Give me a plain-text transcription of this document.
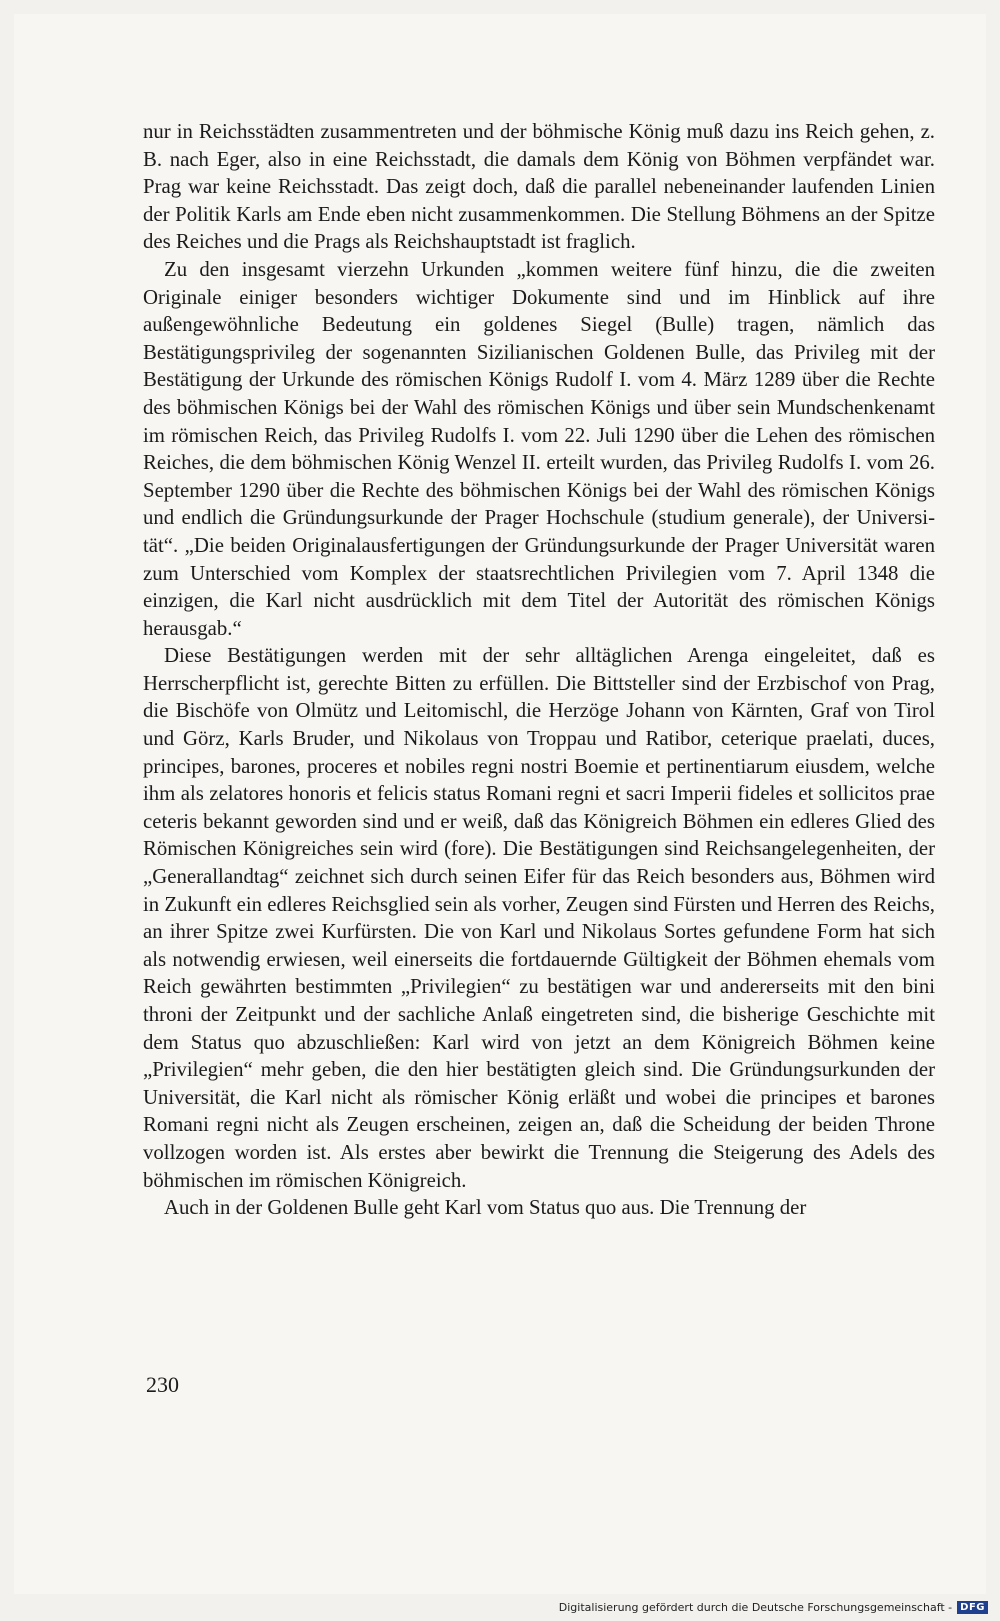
nur in Reichsstädten zusammentreten und der böhmische König muß dazu ins Reich gehen, z. B. nach Eger, also in eine Reichsstadt, die damals dem König von Böhmen verpfändet war. Prag war keine Reichsstadt. Das zeigt doch, daß die parallel nebeneinander laufenden Linien der Politik Karls am Ende eben nicht zusammenkommen. Die Stellung Böhmens an der Spitze des Reiches und die Prags als Reichshauptstadt ist fraglich.

Zu den insgesamt vierzehn Urkunden „kommen weitere fünf hinzu, die die zweiten Originale einiger besonders wichtiger Dokumente sind und im Hinblick auf ihre außengewöhnliche Bedeutung ein goldenes Siegel (Bulle) tragen, nämlich das Bestätigungsprivileg der sogenannten Sizilianischen Goldenen Bulle, das Privileg mit der Bestätigung der Urkunde des römischen Königs Rudolf I. vom 4. März 1289 über die Rechte des böhmischen Königs bei der Wahl des römischen Königs und über sein Mundschenkenamt im römischen Reich, das Privileg Rudolfs I. vom 22. Juli 1290 über die Lehen des römischen Reiches, die dem böhmischen König Wenzel II. erteilt wurden, das Privileg Rudolfs I. vom 26. September 1290 über die Rechte des böhmischen Königs bei der Wahl des römischen Königs und endlich die Gründungsurkunde der Prager Hochschule (studium generale), der Universität“. „Die beiden Originalausfertigungen der Gründungsurkunde der Prager Universität waren zum Unterschied vom Komplex der staatsrechtlichen Privilegien vom 7. April 1348 die einzigen, die Karl nicht ausdrücklich mit dem Titel der Autorität des römischen Königs herausgab.“

Diese Bestätigungen werden mit der sehr alltäglichen Arenga eingeleitet, daß es Herrscherpflicht ist, gerechte Bitten zu erfüllen. Die Bittsteller sind der Erzbischof von Prag, die Bischöfe von Olmütz und Leitomischl, die Herzöge Johann von Kärnten, Graf von Tirol und Görz, Karls Bruder, und Nikolaus von Troppau und Ratibor, ceterique praelati, duces, principes, barones, proceres et nobiles regni nostri Boemie et pertinentiarum eiusdem, welche ihm als zelatores honoris et felicis status Romani regni et sacri Imperii fideles et sollicitos prae ceteris bekannt geworden sind und er weiß, daß das Königreich Böhmen ein edleres Glied des Römischen Königreiches sein wird (fore). Die Bestätigungen sind Reichsangelegenheiten, der „Generallandtag“ zeichnet sich durch seinen Eifer für das Reich besonders aus, Böhmen wird in Zukunft ein edleres Reichsglied sein als vorher, Zeugen sind Fürsten und Herren des Reichs, an ihrer Spitze zwei Kurfürsten. Die von Karl und Nikolaus Sortes gefundene Form hat sich als notwendig erwiesen, weil einerseits die fortdauernde Gültigkeit der Böhmen ehemals vom Reich gewährten bestimmten „Privilegien“ zu bestätigen war und andererseits mit den bini throni der Zeitpunkt und der sachliche Anlaß eingetreten sind, die bisherige Geschichte mit dem Status quo abzuschließen: Karl wird von jetzt an dem Königreich Böhmen keine „Privilegien“ mehr geben, die den hier bestätigten gleich sind. Die Gründungsurkunden der Universität, die Karl nicht als römischer König erläßt und wobei die principes et barones Romani regni nicht als Zeugen erscheinen, zeigen an, daß die Scheidung der beiden Throne vollzogen worden ist. Als erstes aber bewirkt die Trennung die Steigerung des Adels des böhmischen im römischen Königreich.

Auch in der Goldenen Bulle geht Karl vom Status quo aus. Die Trennung der

230
Digitalisierung gefördert durch die Deutsche Forschungsgemeinschaft - DFG
